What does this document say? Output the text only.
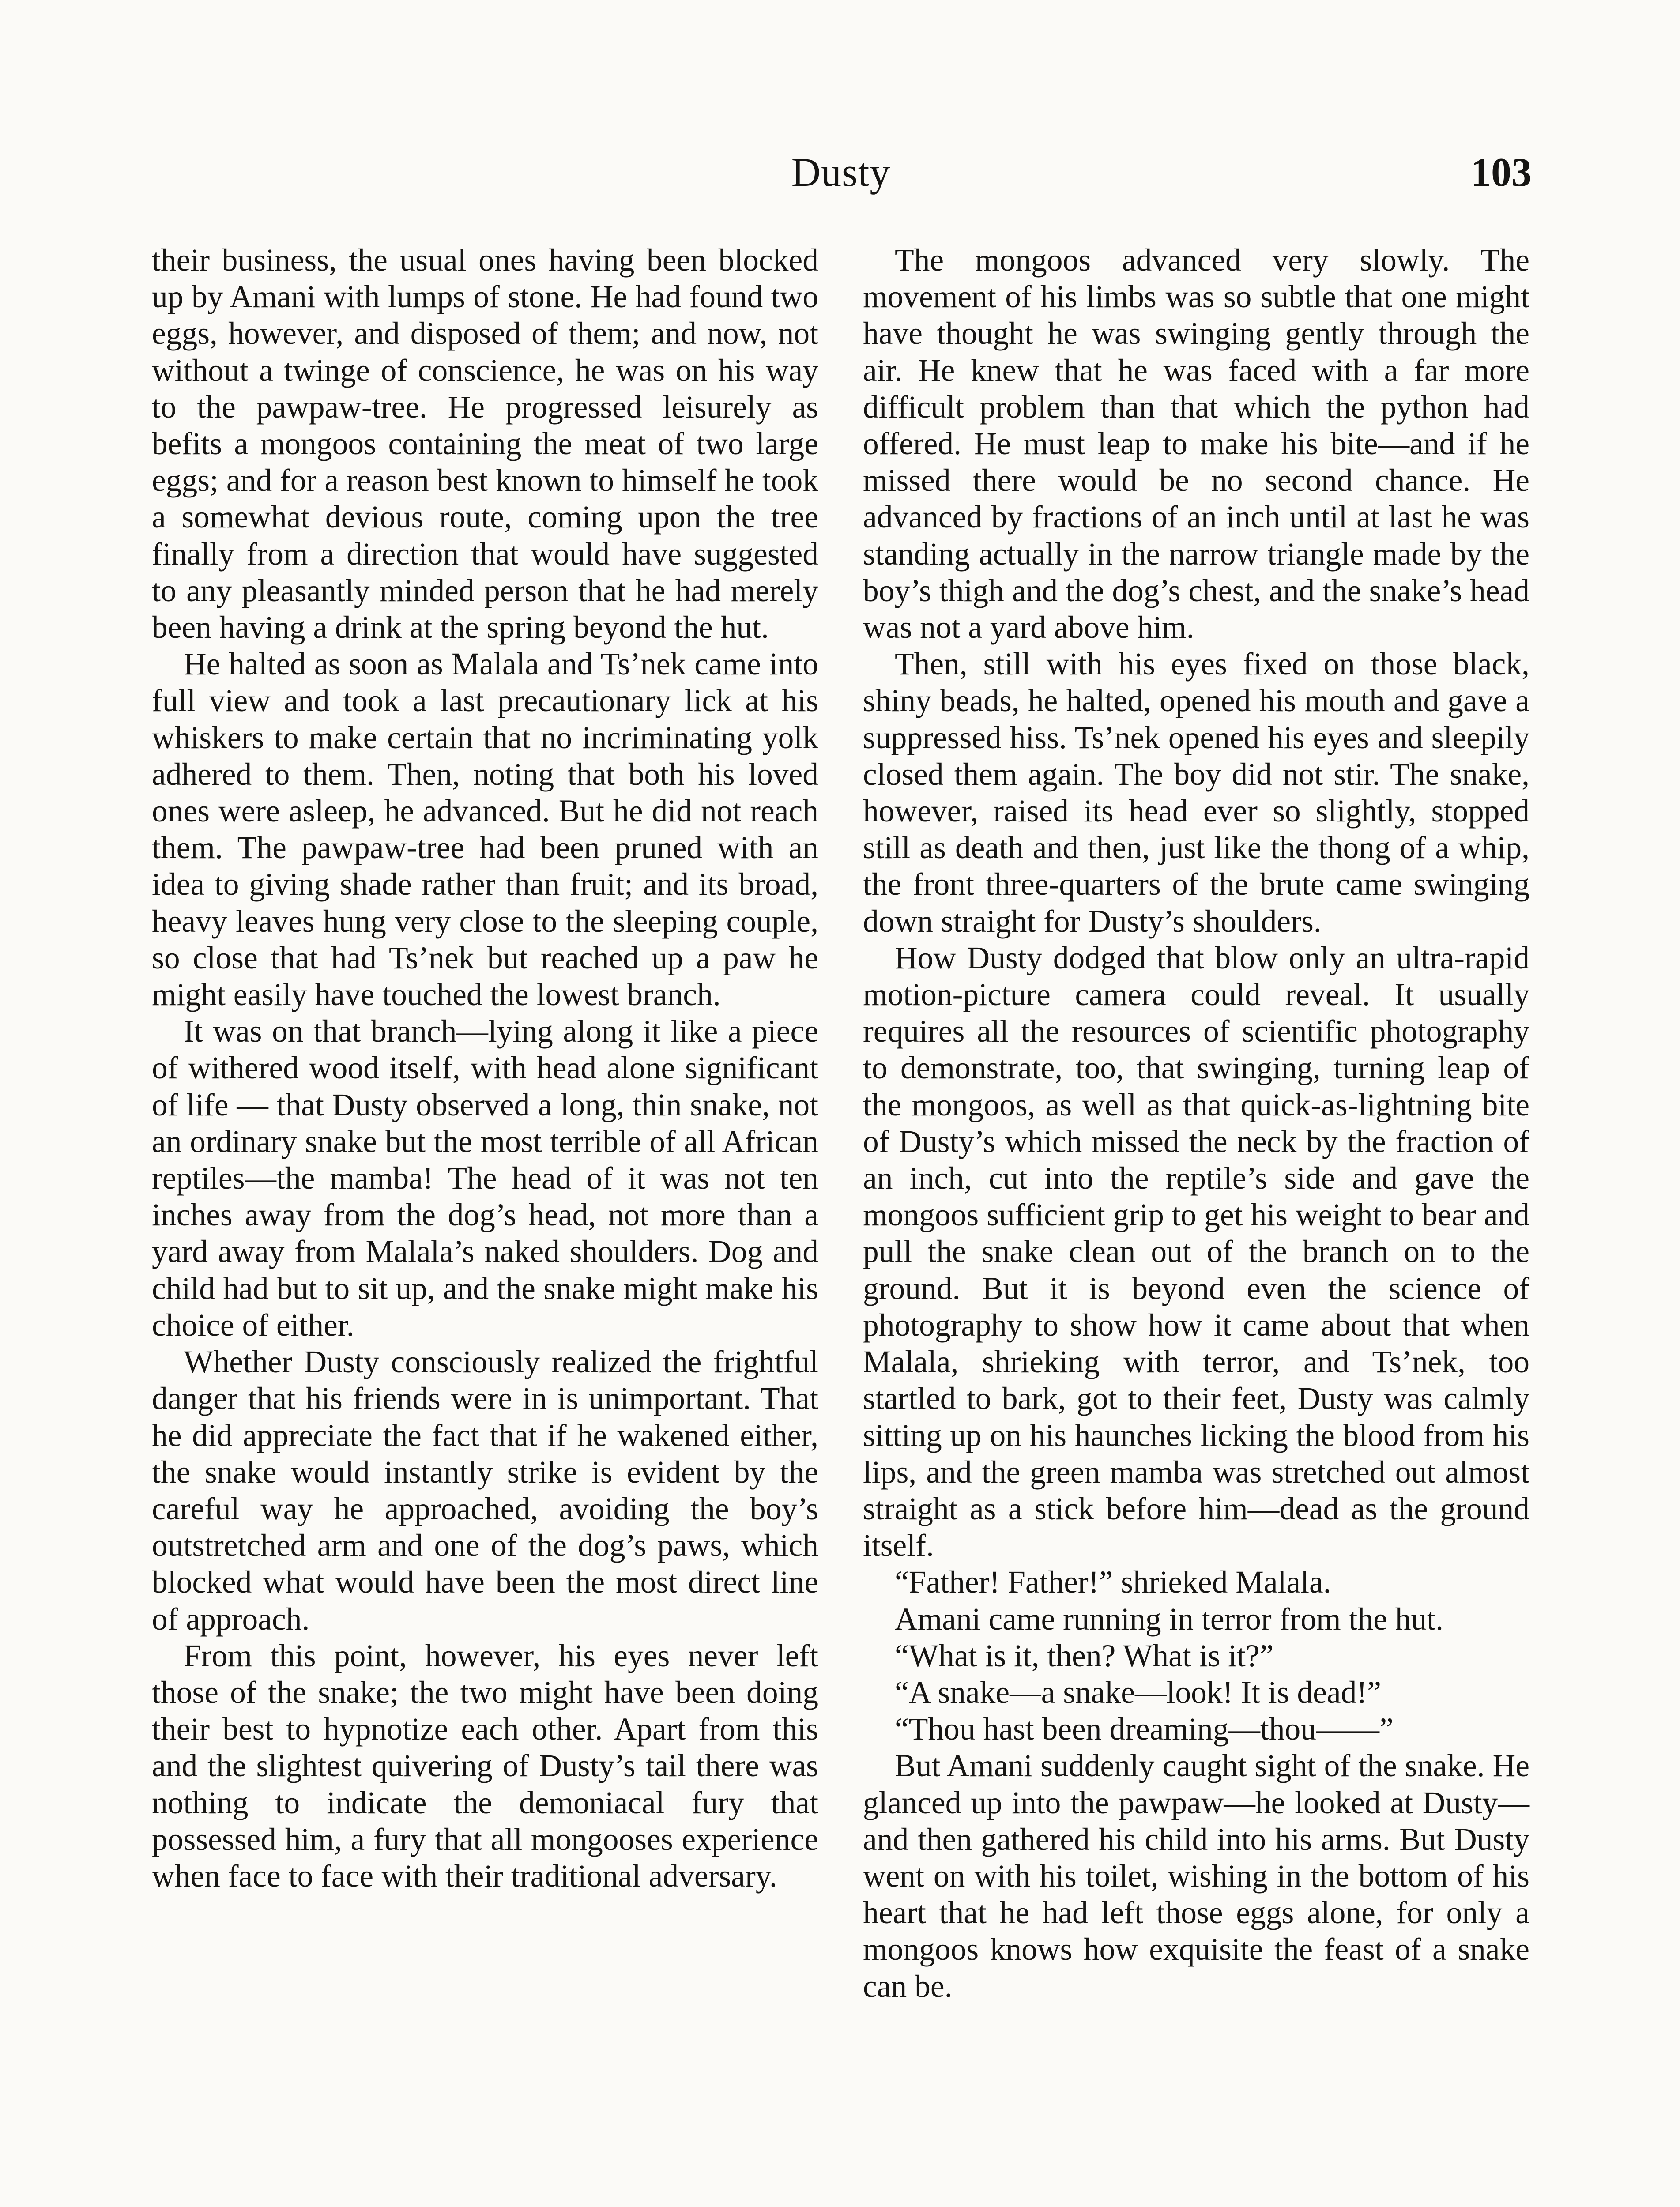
Dusty	103

their business, the usual ones having been blocked up by Amani with lumps of stone. He had found two eggs, however, and disposed of them; and now, not without a twinge of conscience, he was on his way to the pawpaw-tree. He progressed leisurely as befits a mongoos containing the meat of two large eggs; and for a reason best known to himself he took a somewhat devious route, coming upon the tree finally from a direction that would have suggested to any pleasantly minded person that he had merely been having a drink at the spring beyond the hut.

He halted as soon as Malala and Ts’nek came into full view and took a last precautionary lick at his whiskers to make certain that no incriminating yolk adhered to them. Then, noting that both his loved ones were asleep, he advanced. But he did not reach them. The pawpaw-tree had been pruned with an idea to giving shade rather than fruit; and its broad, heavy leaves hung very close to the sleeping couple, so close that had Ts’nek but reached up a paw he might easily have touched the lowest branch.

It was on that branch—lying along it like a piece of withered wood itself, with head alone significant of life — that Dusty observed a long, thin snake, not an ordinary snake but the most terrible of all African reptiles—the mamba! The head of it was not ten inches away from the dog’s head, not more than a yard away from Malala’s naked shoulders. Dog and child had but to sit up, and the snake might make his choice of either.

Whether Dusty consciously realized the frightful danger that his friends were in is unimportant. That he did appreciate the fact that if he wakened either, the snake would instantly strike is evident by the careful way he approached, avoiding the boy’s outstretched arm and one of the dog’s paws, which blocked what would have been the most direct line of approach.

From this point, however, his eyes never left those of the snake; the two might have been doing their best to hypnotize each other. Apart from this and the slightest quivering of Dusty’s tail there was nothing to indicate the demoniacal fury that possessed him, a fury that all mongooses experience when face to face with their traditional adversary.

The mongoos advanced very slowly. The movement of his limbs was so subtle that one might have thought he was swinging gently through the air. He knew that he was faced with a far more difficult problem than that which the python had offered. He must leap to make his bite—and if he missed there would be no second chance. He advanced by fractions of an inch until at last he was standing actually in the narrow triangle made by the boy’s thigh and the dog’s chest, and the snake’s head was not a yard above him.

Then, still with his eyes fixed on those black, shiny beads, he halted, opened his mouth and gave a suppressed hiss. Ts’nek opened his eyes and sleepily closed them again. The boy did not stir. The snake, however, raised its head ever so slightly, stopped still as death and then, just like the thong of a whip, the front three-quarters of the brute came swinging down straight for Dusty’s shoulders.

How Dusty dodged that blow only an ultra-rapid motion-picture camera could reveal. It usually requires all the resources of scientific photography to demonstrate, too, that swinging, turning leap of the mongoos, as well as that quick-as-lightning bite of Dusty’s which missed the neck by the fraction of an inch, cut into the reptile’s side and gave the mongoos sufficient grip to get his weight to bear and pull the snake clean out of the branch on to the ground. But it is beyond even the science of photography to show how it came about that when Malala, shrieking with terror, and Ts’nek, too startled to bark, got to their feet, Dusty was calmly sitting up on his haunches licking the blood from his lips, and the green mamba was stretched out almost straight as a stick before him—dead as the ground itself.

“Father! Father!” shrieked Malala.

Amani came running in terror from the hut.

“What is it, then? What is it?”

“A snake—a snake—look! It is dead!”

“Thou hast been dreaming—thou——”

But Amani suddenly caught sight of the snake. He glanced up into the pawpaw—he looked at Dusty—and then gathered his child into his arms. But Dusty went on with his toilet, wishing in the bottom of his heart that he had left those eggs alone, for only a mongoos knows how exquisite the feast of a snake can be.
